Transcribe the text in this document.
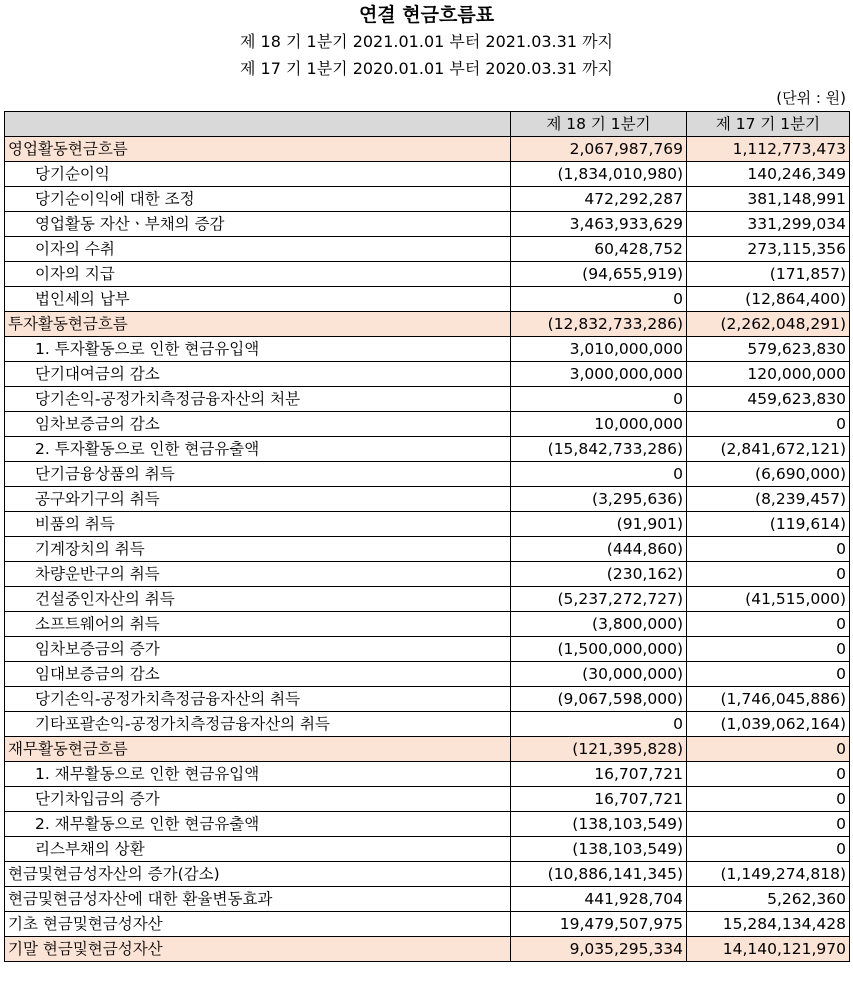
연결 현금흐름표
제 18 기 1분기 2021.01.01 부터 2021.03.31 까지
제 17 기 1분기 2020.01.01 부터 2020.03.31 까지
(단위 : 원)
	제 18 기 1분기	제 17 기 1분기
영업활동현금흐름	2,067,987,769	1,112,773,473
당기순이익	(1,834,010,980)	140,246,349
당기순이익에 대한 조정	472,292,287	381,148,991
영업활동 자산ㆍ부채의 증감	3,463,933,629	331,299,034
이자의 수취	60,428,752	273,115,356
이자의 지급	(94,655,919)	(171,857)
법인세의 납부	0	(12,864,400)
투자활동현금흐름	(12,832,733,286)	(2,262,048,291)
1. 투자활동으로 인한 현금유입액	3,010,000,000	579,623,830
단기대여금의 감소	3,000,000,000	120,000,000
당기손익-공정가치측정금융자산의 처분	0	459,623,830
임차보증금의 감소	10,000,000	0
2. 투자활동으로 인한 현금유출액	(15,842,733,286)	(2,841,672,121)
단기금융상품의 취득	0	(6,690,000)
공구와기구의 취득	(3,295,636)	(8,239,457)
비품의 취득	(91,901)	(119,614)
기계장치의 취득	(444,860)	0
차량운반구의 취득	(230,162)	0
건설중인자산의 취득	(5,237,272,727)	(41,515,000)
소프트웨어의 취득	(3,800,000)	0
임차보증금의 증가	(1,500,000,000)	0
임대보증금의 감소	(30,000,000)	0
당기손익-공정가치측정금융자산의 취득	(9,067,598,000)	(1,746,045,886)
기타포괄손익-공정가치측정금융자산의 취득	0	(1,039,062,164)
재무활동현금흐름	(121,395,828)	0
1. 재무활동으로 인한 현금유입액	16,707,721	0
단기차입금의 증가	16,707,721	0
2. 재무활동으로 인한 현금유출액	(138,103,549)	0
리스부채의 상환	(138,103,549)	0
현금및현금성자산의 증가(감소)	(10,886,141,345)	(1,149,274,818)
현금및현금성자산에 대한 환율변동효과	441,928,704	5,262,360
기초 현금및현금성자산	19,479,507,975	15,284,134,428
기말 현금및현금성자산	9,035,295,334	14,140,121,970
